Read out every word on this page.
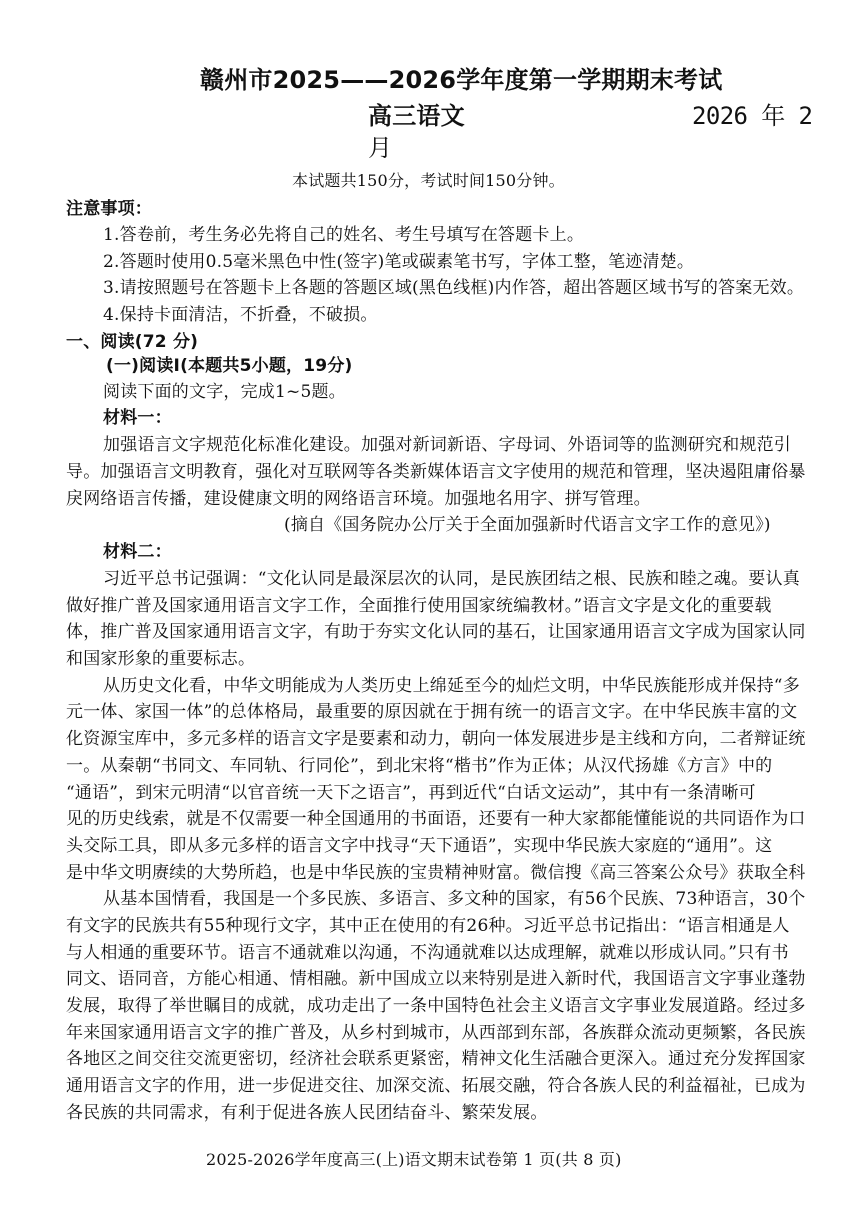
赣州市2025——2026学年度第一学期期末考试
高三语文	2026 年 2
月
本试题共150分，考试时间150分钟。
注意事项：
1.答卷前，考生务必先将自己的姓名、考生号填写在答题卡上。
2.答题时使用0.5毫米黑色中性(签字)笔或碳素笔书写，字体工整，笔迹清楚。
3.请按照题号在答题卡上各题的答题区域(黑色线框)内作答，超出答题区域书写的答案无效。
4.保持卡面清洁，不折叠，不破损。
一、阅读(72 分)
(一)阅读Ⅰ(本题共5小题，19分)
阅读下面的文字，完成1~5题。
材料一：
加强语言文字规范化标准化建设。加强对新词新语、字母词、外语词等的监测研究和规范引
导。加强语言文明教育，强化对互联网等各类新媒体语言文字使用的规范和管理，坚决遏阻庸俗暴
戾网络语言传播，建设健康文明的网络语言环境。加强地名用字、拼写管理。
(摘自《国务院办公厅关于全面加强新时代语言文字工作的意见》)
材料二：
习近平总书记强调：“文化认同是最深层次的认同，是民族团结之根、民族和睦之魂。要认真
做好推广普及国家通用语言文字工作，全面推行使用国家统编教材。”语言文字是文化的重要载
体，推广普及国家通用语言文字，有助于夯实文化认同的基石，让国家通用语言文字成为国家认同
和国家形象的重要标志。
从历史文化看，中华文明能成为人类历史上绵延至今的灿烂文明，中华民族能形成并保持“多
元一体、家国一体”的总体格局，最重要的原因就在于拥有统一的语言文字。在中华民族丰富的文
化资源宝库中，多元多样的语言文字是要素和动力，朝向一体发展进步是主线和方向，二者辩证统
一。从秦朝“书同文、车同轨、行同伦”，到北宋将“楷书”作为正体；从汉代扬雄《方言》中的
“通语”，到宋元明清“以官音统一天下之语言”，再到近代“白话文运动”，其中有一条清晰可
见的历史线索，就是不仅需要一种全国通用的书面语，还要有一种大家都能懂能说的共同语作为口
头交际工具，即从多元多样的语言文字中找寻“天下通语”，实现中华民族大家庭的“通用”。这
是中华文明赓续的大势所趋，也是中华民族的宝贵精神财富。微信搜《高三答案公众号》获取全科
从基本国情看，我国是一个多民族、多语言、多文种的国家，有56个民族、73种语言，30个
有文字的民族共有55种现行文字，其中正在使用的有26种。习近平总书记指出：“语言相通是人
与人相通的重要环节。语言不通就难以沟通，不沟通就难以达成理解，就难以形成认同。”只有书
同文、语同音，方能心相通、情相融。新中国成立以来特别是进入新时代，我国语言文字事业蓬勃
发展，取得了举世瞩目的成就，成功走出了一条中国特色社会主义语言文字事业发展道路。经过多
年来国家通用语言文字的推广普及，从乡村到城市，从西部到东部，各族群众流动更频繁，各民族
各地区之间交往交流更密切，经济社会联系更紧密，精神文化生活融合更深入。通过充分发挥国家
通用语言文字的作用，进一步促进交往、加深交流、拓展交融，符合各族人民的利益福祉，已成为
各民族的共同需求，有利于促进各族人民团结奋斗、繁荣发展。
2025-2026学年度高三(上)语文期末试卷第 1 页(共 8 页)
